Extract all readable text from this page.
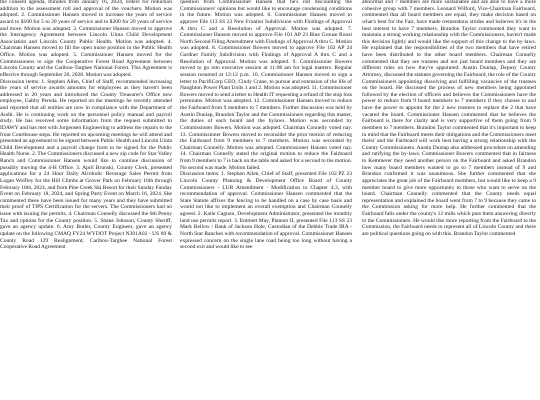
the consent agenda, minutes from January 16, 2024, orders for reduction addition to the assessment roll and approval of the vouchers. Motion was adopted. 2. Commissioner Hansen moved to increase the years of service award to $100 for 5 to 20 years of service and to $200 for 20 years of service and more. Motion was adopted. 3. Commissioner Hansen moved to approve the Interagency Agreement between Lincoln Uinta Child Development Association and Lincoln County Public Health. Motion was adopted. 4. Chairman Hansen moved to fill the open nurse position in the Public Health Office. Motion was adopted. 5. Commissioner Hansen moved for the Commissioners to sign the Cooperative Forest Road Agreement between Lincoln County and the Caribou-Targhee National Forest. This Agreement is effective through September 20, 2028. Motion was adopted.

Discussion items: 1. Stephen Allen, Chief of Staff, recommended increasing the years of service awards amounts for employees as they haven't been addressed in 20 years and introduced the County Treasurer's Office new employee, Gabby Pereda. He reported on the meetings he recently attended and reported that all entities are now in compliance with the Department of Audit. He is continuing work on the personnel policy manual and payroll study. He has received some information from the request submitted to IDAWY and has met with Jorgensen Engineering to address the repairs to the front Courthouse steps. He reported on upcoming meetings he will attend and presented an agreement to be signed between Public Health and Lincoln Uinta Child Development and a payroll change form to be signed for the Public Health Nurse. 2. The Commissioners discussed a new zip code for Star Valley Ranch and Commissioner Hansen would like to continue discussion of possibly moving the 4-H Office. 3. April Brunski, County Clerk, presented applications for a 24 Hour Daily Alcoholic Beverage Sales Permit from Logan Wolfley for the Hill Climbs at Grover Park on February 16th through February 18th, 2024, and from Pine Creek Ski Resort for their Sunday Funday Event on February 18, 2024, and Spring Party Event on March 16, 2024. She commented these have been issued for many years and they have submitted their proof of TIPS Certification for the servers. The Commissioners had no issue with issuing the permits. 4. Chairman Connelly discussed the 6th Penny Tax and options for the County position. 5. Shane Johnson, County Sheriff, gave an agency update. 6. Amy Butler, County Engineer, gave an agency update on the following CMAQ FY24 WYDOT Project N301A02 - US 89 & County Road 129 Realignment; Caribou-Targhee National Forest Cooperative Road Agreement

question from Commissioner Hansen that he's not discounting the Commissioners' opinions but would like to encourage condensing conditions in the future. Motion was adopted. 6. Commissioner Hansen moved to approve File 113 SS 23 New Frontier Subdivision with Findings of Approval A thru C and a Resolution of Approval. Motion was adopted. 7. Commissioner Hansen moved to approve File 101 AP 23 Blue Grouse Roost North Second Filing Amendment with Findings of Approval A thru C. Motion was adopted. 8. Commissioner Bowers moved to approve File 102 AP 24 Gardner Family Subdivision with Findings of Approval A thru C and a Resolution of Approval. Motion was adopted. 9. Commissioner Bowers moved to go into executive session at 11:08 am for legal matters. Regular session resumed at 12:12 p.m. 10. Commissioner Hansen moved to sign a letter to PacifiCorp CEO, Cindy Crane, to pursue and extension of the life of Naughton Power Plant Units 1 and 2. Motion was adopted. 11. Commissioner Bowers moved to send a letter to Health IT requesting a refund of the stop loss premiums. Motion was adopted. 12. Commissioner Hansen moved to reduce the Fairboard from 9 members to 7 members. Further discussion was held by Austin Dunlap, Brandon Taylor and the Commissioners regarding this matter, the duties of each board and the bylaws. Motion was seconded by Commissioner Bowers. Motion was adopted. Chairman Connelly voted nay. 13. Commissioner Bowers moved to reconsider the prior motion of reducing the Fairboard from 9 members to 7 members. Motion was seconded by Chairman Connelly. Motion was adopted. Commissioner Hansen voted nay. 14. Chairman Connelly stated the original motion to reduce the Fairboard from 9 members to 7 is back on the table and asked for a second to the motion. No second was made. Motion failed.

Discussion items: 1. Stephen Allen, Chief of Staff, presented File 102 PZ 23 Lincoln County Planning & Development Office Board of County Commissioners - LUR Amendment - Modification to Chapter 4.3, with recommendation of approval. Commissioner Hansen commented that the State Statute affixes the fencing to be handled on a case by case basis and would not like to implement an overall exemption and Chairman Connelly agreed. 2. Katie Cagnon, Development Administrator, presented the monthly land use permits report. 3. Emmett May, Planner II, presented File 113 SS 23 Mark Bellow / Bank of Jackson Hole, Custodian of the Debbie Trade IRA - North Star Ranches with recommendation of approval. Commissioner Hansen expressed concern on the single lane road being too long without having a second exit and would like to see

abnormal and 7 members are more sustainable and are able to have a more cohesive group with 7 members. Leonard Wilford, Vice-Chairman Fairboard, commented that all board members are equal, they make decision based on what's best for the Fair, have made tremendous strides and believes it's in the best interest to have 7 members. Brandon Taylor commented they want to maintain a strong working relationship with the Commissioners, haven't made this decision lightly and would like the support of this change to the by-laws. He explained that the responsibilities of the two members that have retired have been distributed to the other board members. Chairman Connelly commented that they are trustees and not just board members and they are different rules on how they're appointed. Austin Dunlap, Deputy County Attorney, discussed the statutes governing the Fairboard, the role of the County Commissioners appointing dissolving and fulfilling vacancies of the trustees on the board. He discussed the process of new members being appointed followed by the election of officers and believes the Commissioners have the power to reduce from 9 board members to 7 members if they choose to and have the power to appoint for the 2 new trustees to replace the 2 that have vacated the board. Commissioner Hansen commented that he believes the Fairboard is there for clarity and is very supportive of them going from 9 members to 7 members. Brandon Taylor commented that it's important to keep in mind that the Fairboard meets their obligations and the Commissioners meet theirs' and the Fairboard will work best having a strong relationship with the County Commissioners. Austin Dunlap also addressed procedure on amending and ratifying the by-laws. Commissioner Bowers commented that in fairness to Kemmerer they need another person on the Fairboard and asked Brandon how many board members wanted to go to 7 members instead of 9 and Brandon confirmed it was unanimous. She further commented that she appreciates the great job of the Fairboard members, but would like to keep a 9 member board to give more opportunity to those who want to serve on the board. Chairman Connelly commented that the County needs equal representation and explained the board went from 7 to 9 because they came to the Commission asking for more help. He further commented that the Fairboard falls under the county's 12 mills which puts them answering directly to the Commissioners. He would like more reporting from the Fairboard to the Commission, the Fairboard needs to represent all of Lincoln County and there are political questions going on with this. Brandon Taylor commented
